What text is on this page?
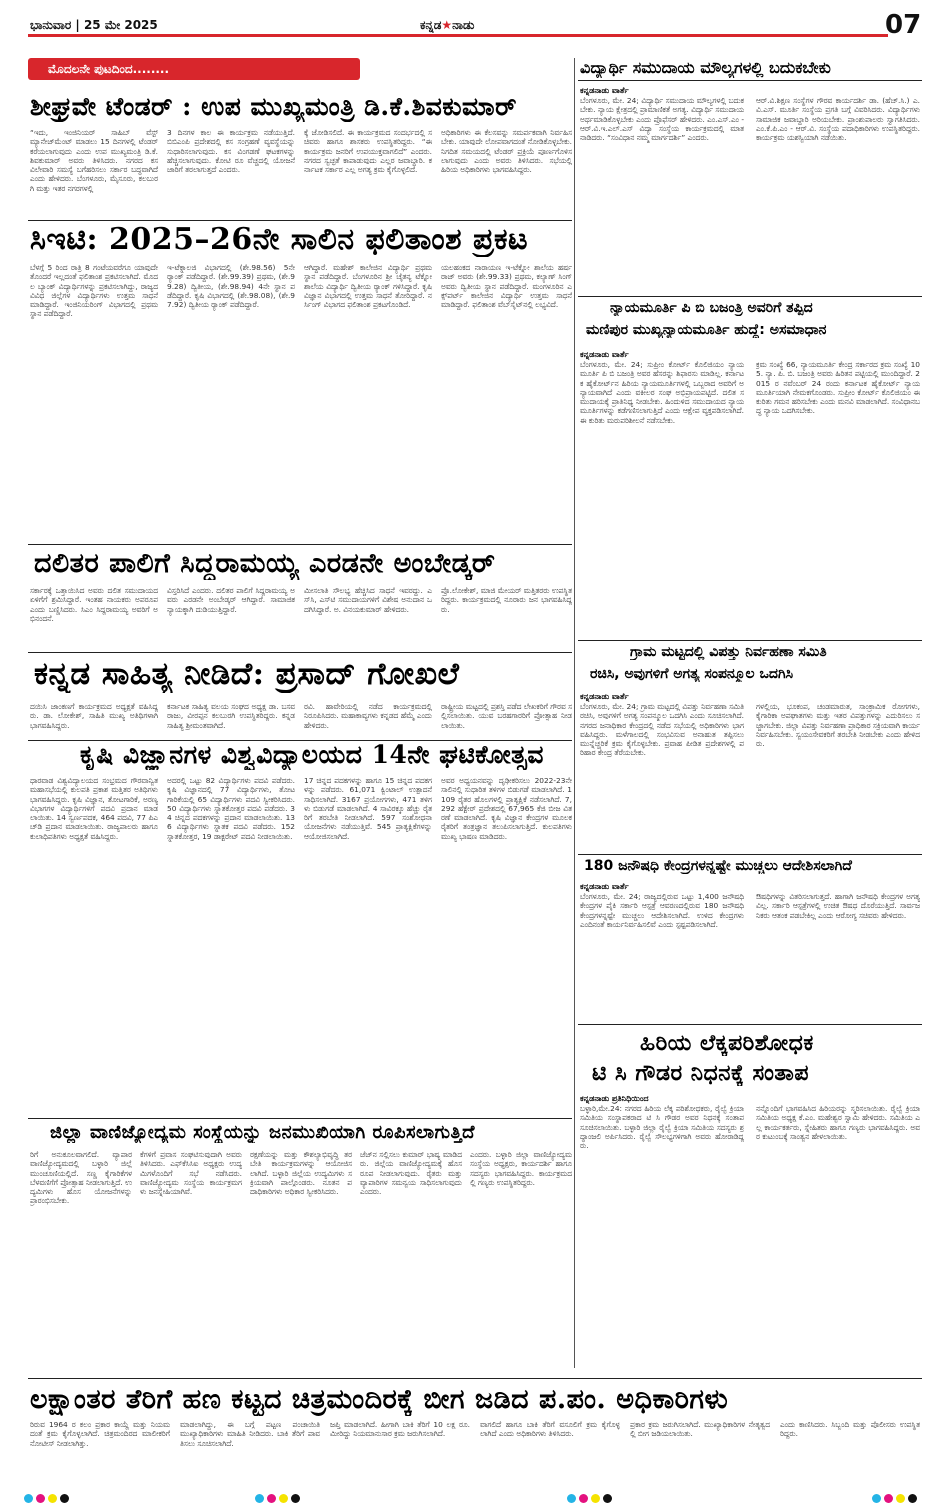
ಭಾನುವಾರ | 25 ಮೇ 2025	ಕನ್ನಡ★ನಾಡು	07
ಮೊದಲನೇ ಪುಟದಿಂದ........
ಶೀಘ್ರವೇ ಟೆಂಡರ್ : ಉಪ ಮುಖ್ಯಮಂತ್ರಿ ಡಿ.ಕೆ.ಶಿವಕುಮಾರ್
“ಇದು, ಇಂಜಿನಿಯರ್ ಸಾಹಿಬ್ ವೆಸ್ಟ್ ಮ್ಯಾನೇಜ್‌ಮೆಂಟ್ ಮಾಡಲು 15 ದಿನಗಳಲ್ಲಿ ಟೆಂಡರ್ ಕರೆಯಲಾಗುವುದು ಎಂದು ಉಪ ಮುಖ್ಯಮಂತ್ರಿ ಡಿ.ಕೆ.ಶಿವಕುಮಾರ್ ಅವರು ತಿಳಿಸಿದರು. ನಗರದ ಕಸ ವಿಲೇವಾರಿ ಸಮಸ್ಯೆ ಬಗೆಹರಿಸಲು ಸರ್ಕಾರ ಬದ್ಧವಾಗಿದೆ ಎಂದು ಹೇಳಿದರು. ಬೆಂಗಳೂರು, ಮೈಸೂರು, ಕಲಬುರಗಿ ಮತ್ತು ಇತರ ನಗರಗಳಲ್ಲಿ
3 ದಿನಗಳ ಕಾಲ ಈ ಕಾರ್ಯಕ್ರಮ ನಡೆಯುತ್ತಿದೆ. ಬಿಬಿಎಂಪಿ ಪ್ರದೇಶದಲ್ಲಿ ಕಸ ಸಂಗ್ರಹಣೆ ವ್ಯವಸ್ಥೆಯನ್ನು ಸುಧಾರಿಸಲಾಗುವುದು. ಕಸ ವಿಂಗಡಣೆ ಘಟಕಗಳನ್ನು ಹೆಚ್ಚಿಸಲಾಗುವುದು. ಕೋಟಿ ರೂ ವೆಚ್ಚದಲ್ಲಿ ಯೋಜನೆ ಜಾರಿಗೆ ತರಲಾಗುತ್ತದೆ ಎಂದರು.
ಕ್ಕೆ ಜೋಡಿಸಲಿದೆ. ಈ ಕಾರ್ಯಕ್ರಮದ ಸಂದರ್ಭದಲ್ಲಿ ಸಚಿವರು ಹಾಗೂ ಶಾಸಕರು ಉಪಸ್ಥಿತರಿದ್ದರು. “ಈ ಕಾರ್ಯಕ್ರಮ ಜನರಿಗೆ ಉಪಯುಕ್ತವಾಗಲಿದೆ” ಎಂದರು. ನಗರದ ಸ್ವಚ್ಛತೆ ಕಾಪಾಡುವುದು ಎಲ್ಲರ ಜವಾಬ್ದಾರಿ. ಕರ್ನಾಟಕ ಸರ್ಕಾರ ಎಲ್ಲ ಅಗತ್ಯ ಕ್ರಮ ಕೈಗೊಳ್ಳಲಿದೆ.
ಅಧಿಕಾರಿಗಳು ಈ ಕೆಲಸವನ್ನು ಸಮರ್ಪಕವಾಗಿ ನಿರ್ವಹಿಸಬೇಕು. ಯಾವುದೇ ಲೋಪವಾಗದಂತೆ ನೋಡಿಕೊಳ್ಳಬೇಕು. ನಿಗದಿತ ಸಮಯದಲ್ಲಿ ಟೆಂಡರ್ ಪ್ರಕ್ರಿಯೆ ಪೂರ್ಣಗೊಳಿಸಲಾಗುವುದು ಎಂದು ಅವರು ತಿಳಿಸಿದರು. ಸಭೆಯಲ್ಲಿ ಹಿರಿಯ ಅಧಿಕಾರಿಗಳು ಭಾಗವಹಿಸಿದ್ದರು.
ಸಿಇಟಿ: 2025–26ನೇ ಸಾಲಿನ ಫಲಿತಾಂಶ ಪ್ರಕಟ
ಬೆಳಗ್ಗೆ 5 ರಿಂದ ರಾತ್ರಿ 8 ಗಂಟೆಯವರೆಗೂ ಯಾವುದೇ ತೊಂದರೆ ಇಲ್ಲದಂತೆ ಫಲಿತಾಂಶ ಪ್ರಕಟಿಸಲಾಗಿದೆ. ಮೊದಲ ಬ್ಯಾಂಕ್ ವಿದ್ಯಾರ್ಥಿಗಳನ್ನು ಪ್ರಕಟಿಸಲಾಗಿದ್ದು, ರಾಜ್ಯದ ವಿವಿಧ ಜಿಲ್ಲೆಗಳ ವಿದ್ಯಾರ್ಥಿಗಳು ಉತ್ತಮ ಸಾಧನೆ ಮಾಡಿದ್ದಾರೆ. ಇಂಜಿನಿಯರಿಂಗ್ ವಿಭಾಗದಲ್ಲಿ ಪ್ರಥಮ ಸ್ಥಾನ ಪಡೆದಿದ್ದಾರೆ.
ಇ-ಟೆಕ್ನಾಲಜಿ ವಿಭಾಗದಲ್ಲಿ (ಶೇ.98.56) 5ನೇ ರ‍್ಯಾಂಕ್ ಪಡೆದಿದ್ದಾರೆ. (ಶೇ.99.39) ಪ್ರಥಮ, (ಶೇ.99.28) ದ್ವಿತೀಯ, (ಶೇ.98.94) 4ನೇ ಸ್ಥಾನ ಪಡೆದಿದ್ದಾರೆ. ಕೃಷಿ ವಿಭಾಗದಲ್ಲಿ (ಶೇ.98.08), (ಶೇ.97.92) ದ್ವಿತೀಯ ರ‍್ಯಾಂಕ್ ಪಡೆದಿದ್ದಾರೆ.
ಆಗಿದ್ದಾರೆ. ಮಹೇಶ್ ಕಾಲೇಜಿನ ವಿದ್ಯಾರ್ಥಿ ಪ್ರಥಮ ಸ್ಥಾನ ಪಡೆದಿದ್ದಾರೆ. ಬೆಂಗಳೂರಿನ ಶ್ರೀ ಚೈತನ್ಯ ಟೆಕ್ನೋ ಶಾಲೆಯ ವಿದ್ಯಾರ್ಥಿ ದ್ವಿತೀಯ ರ‍್ಯಾಂಕ್ ಗಳಿಸಿದ್ದಾರೆ. ಕೃಷಿ ವಿಜ್ಞಾನ ವಿಭಾಗದಲ್ಲಿ ಉತ್ತಮ ಸಾಧನೆ ತೋರಿದ್ದಾರೆ. ನರ್ಸಿಂಗ್ ವಿಭಾಗದ ಫಲಿತಾಂಶ ಪ್ರಕಟಗೊಂಡಿದೆ.
ಯಲಹಂಕದ ನಾರಾಯಣ ಇ-ಟೆಕ್ನೋ ಶಾಲೆಯ ಹರ್ಷ ರಾಜ್ ಅವರು (ಶೇ.99.33) ಪ್ರಥಮ, ಕಲ್ಯಾಣ್ ಸಿಂಗ್ ಅವರು ದ್ವಿತೀಯ ಸ್ಥಾನ ಪಡೆದಿದ್ದಾರೆ. ಮಂಗಳೂರಿನ ಎಕ್ಸ್‌ಪರ್ಟ್ ಕಾಲೇಜಿನ ವಿದ್ಯಾರ್ಥಿ ಉತ್ತಮ ಸಾಧನೆ ಮಾಡಿದ್ದಾರೆ. ಫಲಿತಾಂಶ ವೆಬ್‌ಸೈಟ್‌ನಲ್ಲಿ ಲಭ್ಯವಿದೆ.
ದಲಿತರ ಪಾಲಿಗೆ ಸಿದ್ದರಾಮಯ್ಯ ಎರಡನೇ ಅಂಬೇಡ್ಕರ್
ಸರ್ಕಾರಕ್ಕೆ ಒತ್ತಾಯಿಸಿದ ಅವರು ದಲಿತ ಸಮುದಾಯದ ಏಳಿಗೆಗೆ ಶ್ರಮಿಸಿದ್ದಾರೆ. ಇಂತಹ ನಾಯಕರು ಅಪರೂಪ ಎಂದು ಬಣ್ಣಿಸಿದರು. ಸಿಎಂ ಸಿದ್ದರಾಮಯ್ಯ ಅವರಿಗೆ ಅಭಿನಂದನೆ.
ವಿಸ್ತರಿಸಿದೆ ಎಂದರು. ದಲಿತರ ಪಾಲಿಗೆ ಸಿದ್ದರಾಮಯ್ಯ ಅವರು ಎರಡನೇ ಅಂಬೇಡ್ಕರ್ ಆಗಿದ್ದಾರೆ. ಸಾಮಾಜಿಕ ನ್ಯಾಯಕ್ಕಾಗಿ ದುಡಿಯುತ್ತಿದ್ದಾರೆ.
ಮೀಸಲಾತಿ ಸೌಲಭ್ಯ ಹೆಚ್ಚಿಸಿದ ಸಾಧನೆ ಇವರದ್ದು. ಎಸ್‌ಸಿ, ಎಸ್‌ಟಿ ಸಮುದಾಯಗಳಿಗೆ ವಿಶೇಷ ಅನುದಾನ ಒದಗಿಸಿದ್ದಾರೆ. ಅ. ವಿನಯಕುಮಾರ್ ಹೇಳಿದರು.
ಪ್ರೊ.ಲೋಕೇಶ್, ಮಾಜಿ ಮೇಯರ್ ಮತ್ತಿತರರು ಉಪಸ್ಥಿತರಿದ್ದರು. ಕಾರ್ಯಕ್ರಮದಲ್ಲಿ ನೂರಾರು ಜನ ಭಾಗವಹಿಸಿದ್ದರು.
ಕನ್ನಡ ಸಾಹಿತ್ಯ ನೀಡಿದೆ: ಪ್ರಸಾದ್ ಗೋಖಲೆ
ದಯಿಸಿ ಜಾಂಕಣಗೆ ಕಾರ್ಯಕ್ರಮದ ಅಧ್ಯಕ್ಷತೆ ವಹಿಸಿದ್ದರು. ಡಾ. ಲೋಕೇಶ್, ಸಾಹಿತಿ ಮುಖ್ಯ ಅತಿಥಿಗಳಾಗಿ ಭಾಗವಹಿಸಿದ್ದರು.
ಕರ್ನಾಟಕ ಸಾಹಿತ್ಯ ವಲಯ ಸಂಘದ ಅಧ್ಯಕ್ಷ ಡಾ. ಬಸವರಾಜು, ವೀರಪ್ಪನ ಕಲಬುರಗಿ ಉಪಸ್ಥಿತರಿದ್ದರು. ಕನ್ನಡ ಸಾಹಿತ್ಯ ಶ್ರೀಮಂತವಾಗಿದೆ.
ರವಿ. ಹಾವೇರಿಯಲ್ಲಿ ನಡೆದ ಕಾರ್ಯಕ್ರಮದಲ್ಲಿ ನಿರೂಪಿಸಿದರು. ಮಹಾಕಾವ್ಯಗಳು ಕನ್ನಡದ ಹೆಮ್ಮೆ ಎಂದು ಹೇಳಿದರು.
ರಾಷ್ಟ್ರೀಯ ಮಟ್ಟದಲ್ಲಿ ಪ್ರಶಸ್ತಿ ಪಡೆದ ಲೇಖಕರಿಗೆ ಗೌರವ ಸಲ್ಲಿಸಲಾಯಿತು. ಯುವ ಬರಹಗಾರರಿಗೆ ಪ್ರೋತ್ಸಾಹ ನೀಡಲಾಯಿತು.
ಕೃಷಿ ವಿಜ್ಞಾನಗಳ ವಿಶ್ವವಿದ್ಯಾಲಯದ 14ನೇ ಘಟಿಕೋತ್ಸವ
ಧಾರವಾಡ ವಿಶ್ವವಿದ್ಯಾಲಯದ ಸಂಭ್ರಮದ ಗೌರವಾನ್ವಿತ ಮಹಾಸಭೆಯಲ್ಲಿ ಕುಲಪತಿ ಪ್ರಕಾಶ ಮತ್ತಿತರ ಅತಿಥಿಗಳು ಭಾಗವಹಿಸಿದ್ದರು. ಕೃಷಿ ವಿಜ್ಞಾನ, ತೋಟಗಾರಿಕೆ, ಅರಣ್ಯ ವಿಭಾಗಗಳ ವಿದ್ಯಾರ್ಥಿಗಳಿಗೆ ಪದವಿ ಪ್ರದಾನ ಮಾಡಲಾಯಿತು. 14 ಸ್ವರ್ಣಪದಕ, 464 ಪದವಿ, 77 ಪಿಎಚ್‌ಡಿ ಪ್ರದಾನ ಮಾಡಲಾಯಿತು. ರಾಜ್ಯಪಾಲರು ಹಾಗೂ ಕುಲಾಧಿಪತಿಗಳು ಅಧ್ಯಕ್ಷತೆ ವಹಿಸಿದ್ದರು.
ಅದರಲ್ಲಿ ಒಟ್ಟು 82 ವಿದ್ಯಾರ್ಥಿಗಳು ಪದವಿ ಪಡೆದರು. ಕೃಷಿ ವಿಜ್ಞಾನದಲ್ಲಿ 77 ವಿದ್ಯಾರ್ಥಿಗಳು, ತೋಟಗಾರಿಕೆಯಲ್ಲಿ 65 ವಿದ್ಯಾರ್ಥಿಗಳು ಪದವಿ ಸ್ವೀಕರಿಸಿದರು. 50 ವಿದ್ಯಾರ್ಥಿಗಳು ಸ್ನಾತಕೋತ್ತರ ಪದವಿ ಪಡೆದರು. 34 ಚಿನ್ನದ ಪದಕಗಳನ್ನು ಪ್ರದಾನ ಮಾಡಲಾಯಿತು. 136 ವಿದ್ಯಾರ್ಥಿಗಳು ಸ್ನಾತಕ ಪದವಿ ಪಡೆದರು. 152 ಸ್ನಾತಕೋತ್ತರ, 19 ಡಾಕ್ಟರೇಟ್ ಪದವಿ ನೀಡಲಾಯಿತು.
17 ಚಿನ್ನದ ಪದಕಗಳನ್ನು ಹಾಗೂ 15 ಚಿನ್ನದ ಪದಕಗಳನ್ನು ಪಡೆದರು. 61,071 ಕ್ವಿಂಟಾಲ್ ಉತ್ಪಾದನೆ ಸಾಧಿಸಲಾಗಿದೆ. 3167 ಪ್ರಯೋಗಗಳು, 471 ತಳಿಗಳು ಬಿಡುಗಡೆ ಮಾಡಲಾಗಿದೆ. 4 ಸಾವಿರಕ್ಕೂ ಹೆಚ್ಚು ರೈತರಿಗೆ ತರಬೇತಿ ನೀಡಲಾಗಿದೆ. 597 ಸಂಶೋಧನಾ ಯೋಜನೆಗಳು ನಡೆಯುತ್ತಿವೆ. 545 ಪ್ರಾತ್ಯಕ್ಷಿಕೆಗಳನ್ನು ಆಯೋಜಿಸಲಾಗಿದೆ.
ಅವರ ಅಧ್ಯಯನವನ್ನು ದೃಢೀಕರಿಸಲು 2022-23ನೇ ಸಾಲಿನಲ್ಲಿ ಸುಧಾರಿತ ತಳಿಗಳ ಬಿಡುಗಡೆ ಮಾಡಲಾಗಿದೆ. 1109 ರೈತರ ಹೊಲಗಳಲ್ಲಿ ಪ್ರಾತ್ಯಕ್ಷಿಕೆ ನಡೆಸಲಾಗಿದೆ. 7,292 ಹೆಕ್ಟೇರ್ ಪ್ರದೇಶದಲ್ಲಿ 67,965 ಕೆಜಿ ಬೀಜ ವಿತರಣೆ ಮಾಡಲಾಗಿದೆ. ಕೃಷಿ ವಿಜ್ಞಾನ ಕೇಂದ್ರಗಳ ಮೂಲಕ ರೈತರಿಗೆ ತಂತ್ರಜ್ಞಾನ ತಲುಪಿಸಲಾಗುತ್ತಿದೆ. ಕುಲಪತಿಗಳು ಮುಖ್ಯ ಭಾಷಣ ಮಾಡಿದರು.
ಜಿಲ್ಲಾ ವಾಣಿಜ್ಯೋದ್ಯಮ ಸಂಸ್ಥೆಯನ್ನು ಜನಮುಖಿಯಾಗಿ ರೂಪಿಸಲಾಗುತ್ತಿದೆ
ರಿಗೆ ಅನುಕೂಲವಾಗಲಿದೆ. ವ್ಯಾಪಾರ ವಾಣಿಜ್ಯೋದ್ಯಮದಲ್ಲಿ ಬಳ್ಳಾರಿ ಜಿಲ್ಲೆ ಮುಂಚೂಣಿಯಲ್ಲಿದೆ. ಸಣ್ಣ ಕೈಗಾರಿಕೆಗಳ ಬೆಳವಣಿಗೆಗೆ ಪ್ರೋತ್ಸಾಹ ನೀಡಲಾಗುತ್ತಿದೆ. ಉದ್ಯಮಿಗಳು ಹೊಸ ಯೋಜನೆಗಳನ್ನು ಪ್ರಾರಂಭಿಸಬೇಕು.
ಕೆಗಳಿಗೆ ಪ್ರವಾಸ ಸಂಘಟಿಸುವುದಾಗಿ ಅವರು ತಿಳಿಸಿದರು. ಎಫ್‌ಕೆಸಿಸಿಐ ಅಧ್ಯಕ್ಷರು ಉದ್ಯಮಿಗಳೊಂದಿಗೆ ಸಭೆ ನಡೆಸಿದರು. ವಾಣಿಜ್ಯೋದ್ಯಮ ಸಂಸ್ಥೆಯ ಕಾರ್ಯಕ್ರಮಗಳು ಜನಸ್ನೇಹಿಯಾಗಿವೆ.
ರಕ್ಷಣೆಯನ್ನು ಮತ್ತು ಕೌಶಲ್ಯಾಭಿವೃದ್ಧಿ ತರಬೇತಿ ಕಾರ್ಯಕ್ರಮಗಳನ್ನು ಆಯೋಜಿಸಲಾಗಿದೆ. ಬಳ್ಳಾರಿ ಜಿಲ್ಲೆಯ ಉದ್ಯಮಿಗಳು ಸಕ್ರಿಯವಾಗಿ ಪಾಲ್ಗೊಂಡರು. ನೂತನ ಪದಾಧಿಕಾರಿಗಳು ಅಧಿಕಾರ ಸ್ವೀಕರಿಸಿದರು.
ಜೆಜ್‌ನ ಸಲ್ಲಿಸಲು ಕುಮಾರ್ ಭಾಷ್ಯ ಮಾಡಿದರು. ಜಿಲ್ಲೆಯ ವಾಣಿಜ್ಯೋದ್ಯಮಕ್ಕೆ ಹೊಸ ರೂಪ ನೀಡಲಾಗುವುದು. ರೈತರು ಮತ್ತು ವ್ಯಾಪಾರಿಗಳ ಸಮನ್ವಯ ಸಾಧಿಸಲಾಗುವುದು ಎಂದರು.
ಎಂದರು. ಬಳ್ಳಾರಿ ಜಿಲ್ಲಾ ವಾಣಿಜ್ಯೋದ್ಯಮ ಸಂಸ್ಥೆಯ ಅಧ್ಯಕ್ಷರು, ಕಾರ್ಯದರ್ಶಿ ಹಾಗೂ ಸದಸ್ಯರು ಭಾಗವಹಿಸಿದ್ದರು. ಕಾರ್ಯಕ್ರಮದಲ್ಲಿ ಗಣ್ಯರು ಉಪಸ್ಥಿತರಿದ್ದರು.
ವಿದ್ಯಾರ್ಥಿ ಸಮುದಾಯ ಮೌಲ್ಯಗಳಲ್ಲಿ ಬದುಕಬೇಕು
ಕನ್ನಡನಾಡು ವಾರ್ತೆ
ಬೆಂಗಳೂರು, ಮೇ. 24; ವಿದ್ಯಾರ್ಥಿ ಸಮುದಾಯ ಮೌಲ್ಯಗಳಲ್ಲಿ ಬದುಕಬೇಕು. ನ್ಯಾಯ ಕ್ಷೇತ್ರದಲ್ಲಿ ಪ್ರಾಮಾಣಿಕತೆ ಅಗತ್ಯ. ವಿದ್ಯಾರ್ಥಿ ಸಮುದಾಯ ಅರ್ಥಮಾಡಿಕೊಳ್ಳಬೇಕು ಎಂದು ಪ್ರೊಫೆಸರ್ ಹೇಳಿದರು. ಎಂ.ಎಸ್.ಎಂ - ಆರ್.ವಿ.ಇ.ಎಲ್.ಎಸ್ ವಿದ್ಯಾ ಸಂಸ್ಥೆಯ ಕಾರ್ಯಕ್ರಮದಲ್ಲಿ ಮಾತನಾಡಿದರು. “ಸಂವಿಧಾನ ನಮ್ಮ ಮಾರ್ಗದರ್ಶಿ” ಎಂದರು.
ಆರ್.ವಿ.ಶಿಕ್ಷಣ ಸಂಸ್ಥೆಗಳ ಗೌರವ ಕಾರ್ಯದರ್ಶಿ ಡಾ. (ಹೆಚ್.ಸಿ.) ಎ.ವಿ.ಎಸ್. ಮೂರ್ತಿ ಸಂಸ್ಥೆಯ ಪ್ರಗತಿ ಬಗ್ಗೆ ವಿವರಿಸಿದರು. ವಿದ್ಯಾರ್ಥಿಗಳು ಸಾಮಾಜಿಕ ಜವಾಬ್ದಾರಿ ಅರಿಯಬೇಕು. ಪ್ರಾಂಶುಪಾಲರು ಸ್ವಾಗತಿಸಿದರು. ಎಂ.ಕೆ.ಪಿ.ಎಂ - ಆರ್.ವಿ. ಸಂಸ್ಥೆಯ ಪದಾಧಿಕಾರಿಗಳು ಉಪಸ್ಥಿತರಿದ್ದರು. ಕಾರ್ಯಕ್ರಮ ಯಶಸ್ವಿಯಾಗಿ ನಡೆಯಿತು.
ನ್ಯಾಯಮೂರ್ತಿ ಪಿ ಬಿ ಬಜಂತ್ರಿ ಅವರಿಗೆ ತಪ್ಪಿದ
ಮಣಿಪುರ ಮುಖ್ಯನ್ಯಾಯಮೂರ್ತಿ ಹುದ್ದೆ: ಅಸಮಾಧಾನ
ಕನ್ನಡನಾಡು ವಾರ್ತೆ
ಬೆಂಗಳೂರು, ಮೇ. 24; ಸುಪ್ರೀಂ ಕೋರ್ಟ್ ಕೊಲಿಜಿಯಂ ನ್ಯಾಯಮೂರ್ತಿ ಪಿ ಬಿ ಬಜಂತ್ರಿ ಅವರ ಹೆಸರನ್ನು ಶಿಫಾರಸು ಮಾಡಿಲ್ಲ. ಕರ್ನಾಟಕ ಹೈಕೋರ್ಟ್‌ನ ಹಿರಿಯ ನ್ಯಾಯಮೂರ್ತಿಗಳಲ್ಲಿ ಒಬ್ಬರಾದ ಅವರಿಗೆ ಅನ್ಯಾಯವಾಗಿದೆ ಎಂದು ವಕೀಲರ ಸಂಘ ಅಭಿಪ್ರಾಯಪಟ್ಟಿದೆ. ದಲಿತ ಸಮುದಾಯಕ್ಕೆ ಪ್ರಾತಿನಿಧ್ಯ ನೀಡಬೇಕು. ಹಿಂದುಳಿದ ಸಮುದಾಯದ ನ್ಯಾಯಮೂರ್ತಿಗಳನ್ನು ಕಡೆಗಣಿಸಲಾಗುತ್ತಿದೆ ಎಂದು ಆಕ್ಷೇಪ ವ್ಯಕ್ತಪಡಿಸಲಾಗಿದೆ. ಈ ಕುರಿತು ಮರುಪರಿಶೀಲನೆ ನಡೆಸಬೇಕು.
ಕ್ರಮ ಸಂಖ್ಯೆ 66, ನ್ಯಾಯಮೂರ್ತಿ ಕೇಂದ್ರ ಸರ್ಕಾರದ ಕ್ರಮ ಸಂಖ್ಯೆ 105. ನ್ಯಾ. ಪಿ. ಬಿ. ಬಜಂತ್ರಿ ಅವರು ಹಿರಿತನ ಪಟ್ಟಿಯಲ್ಲಿ ಮುಂದಿದ್ದಾರೆ. 2015 ರ ನವೆಂಬರ್ 24 ರಂದು ಕರ್ನಾಟಕ ಹೈಕೋರ್ಟ್ ನ್ಯಾಯಮೂರ್ತಿಯಾಗಿ ನೇಮಕಗೊಂಡರು. ಸುಪ್ರೀಂ ಕೋರ್ಟ್ ಕೊಲಿಜಿಯಂ ಈ ಕುರಿತು ಗಮನ ಹರಿಸಬೇಕು ಎಂದು ಮನವಿ ಮಾಡಲಾಗಿದೆ. ಸಂವಿಧಾನಬದ್ಧ ನ್ಯಾಯ ಒದಗಿಸಬೇಕು.
ಗ್ರಾಮ ಮಟ್ಟದಲ್ಲಿ ವಿಪತ್ತು ನಿರ್ವಹಣಾ ಸಮಿತಿ
ರಚಿಸಿ, ಅವುಗಳಿಗೆ ಅಗತ್ಯ ಸಂಪನ್ಮೂಲ ಒದಗಿಸಿ
ಕನ್ನಡನಾಡು ವಾರ್ತೆ
ಬೆಂಗಳೂರು, ಮೇ. 24; ಗ್ರಾಮ ಮಟ್ಟದಲ್ಲಿ ವಿಪತ್ತು ನಿರ್ವಹಣಾ ಸಮಿತಿ ರಚಿಸಿ, ಅವುಗಳಿಗೆ ಅಗತ್ಯ ಸಂಪನ್ಮೂಲ ಒದಗಿಸಿ ಎಂದು ಸೂಚಿಸಲಾಗಿದೆ. ನಗರದ ಜನಾಧಿಕಾರ ಕೇಂದ್ರದಲ್ಲಿ ನಡೆದ ಸಭೆಯಲ್ಲಿ ಅಧಿಕಾರಿಗಳು ಭಾಗವಹಿಸಿದ್ದರು. ಮಳೆಗಾಲದಲ್ಲಿ ಸಂಭವಿಸುವ ಅನಾಹುತ ತಪ್ಪಿಸಲು ಮುನ್ನೆಚ್ಚರಿಕೆ ಕ್ರಮ ಕೈಗೊಳ್ಳಬೇಕು. ಪ್ರವಾಹ ಪೀಡಿತ ಪ್ರದೇಶಗಳಲ್ಲಿ ಪರಿಹಾರ ಕೇಂದ್ರ ತೆರೆಯಬೇಕು.
ಗಳಲ್ಲಿಯ, ಭೂಕಂಪ, ಚಂಡಮಾರುತ, ಸಾಂಕ್ರಾಮಿಕ ರೋಗಗಳು, ಕೈಗಾರಿಕಾ ಅಪಘಾತಗಳು ಮತ್ತು ಇತರ ವಿಪತ್ತುಗಳನ್ನು ಎದುರಿಸಲು ಸಜ್ಜಾಗಬೇಕು. ಜಿಲ್ಲಾ ವಿಪತ್ತು ನಿರ್ವಹಣಾ ಪ್ರಾಧಿಕಾರ ಸಕ್ರಿಯವಾಗಿ ಕಾರ್ಯನಿರ್ವಹಿಸಬೇಕು. ಸ್ವಯಂಸೇವಕರಿಗೆ ತರಬೇತಿ ನೀಡಬೇಕು ಎಂದು ಹೇಳಿದರು.
180 ಜನೌಷಧಿ ಕೇಂದ್ರಗಳನ್ನಷ್ಟೇ ಮುಚ್ಚಲು ಆದೇಶಿಸಲಾಗಿದೆ
ಕನ್ನಡನಾಡು ವಾರ್ತೆ
ಬೆಂಗಳೂರು, ಮೇ. 24; ರಾಜ್ಯದಲ್ಲಿರುವ ಒಟ್ಟು 1,400 ಜನೌಷಧಿ ಕೇಂದ್ರಗಳ ಪೈಕಿ ಸರ್ಕಾರಿ ಆಸ್ಪತ್ರೆ ಆವರಣದಲ್ಲಿರುವ 180 ಜನೌಷಧಿ ಕೇಂದ್ರಗಳನ್ನಷ್ಟೇ ಮುಚ್ಚಲು ಆದೇಶಿಸಲಾಗಿದೆ. ಉಳಿದ ಕೇಂದ್ರಗಳು ಎಂದಿನಂತೆ ಕಾರ್ಯನಿರ್ವಹಿಸಲಿವೆ ಎಂದು ಸ್ಪಷ್ಟಪಡಿಸಲಾಗಿದೆ.
ಔಷಧಿಗಳನ್ನು ವಿತರಿಸಲಾಗುತ್ತದೆ. ಹಾಗಾಗಿ ಜನೌಷಧಿ ಕೇಂದ್ರಗಳ ಅಗತ್ಯವಿಲ್ಲ. ಸರ್ಕಾರಿ ಆಸ್ಪತ್ರೆಗಳಲ್ಲಿ ಉಚಿತ ಔಷಧ ದೊರೆಯುತ್ತಿದೆ. ಸಾರ್ವಜನಿಕರು ಆತಂಕ ಪಡಬೇಕಿಲ್ಲ ಎಂದು ಆರೋಗ್ಯ ಸಚಿವರು ಹೇಳಿದರು.
ಹಿರಿಯ ಲೆಕ್ಕಪರಿಶೋಧಕ
ಟಿ ಸಿ ಗೌಡರ ನಿಧನಕ್ಕೆ ಸಂತಾಪ
ಕನ್ನಡನಾಡು ಪ್ರತಿನಿಧಿಯಿಂದ
ಬಳ್ಳಾರಿ,ಮೇ.24: ನಗರದ ಹಿರಿಯ ಲೆಕ್ಕ ಪರಿಶೋಧಕರು, ರೈಲ್ವೆ ಕ್ರಿಯಾ ಸಮಿತಿಯ ಸಂಸ್ಥಾಪಕರಾದ ಟಿ ಸಿ ಗೌಡರ ಅವರ ನಿಧನಕ್ಕೆ ಸಂತಾಪ ಸೂಚಿಸಲಾಯಿತು. ಬಳ್ಳಾರಿ ಜಿಲ್ಲಾ ರೈಲ್ವೆ ಕ್ರಿಯಾ ಸಮಿತಿಯ ಸದಸ್ಯರು ಶ್ರದ್ಧಾಂಜಲಿ ಅರ್ಪಿಸಿದರು. ರೈಲ್ವೆ ಸೌಲಭ್ಯಗಳಿಗಾಗಿ ಅವರು ಹೋರಾಡಿದ್ದರು.
ನನ್ನೊಂದಿಗೆ ಭಾಗವಹಿಸಿದ ಹಿರಿಯರನ್ನು ಸ್ಮರಿಸಲಾಯಿತು. ರೈಲ್ವೆ ಕ್ರಿಯಾ ಸಮಿತಿಯ ಅಧ್ಯಕ್ಷ ಕೆ.ಎಂ. ಮಹೇಶ್ವರ ಸ್ವಾಮಿ ಹೇಳಿದರು. ಸಮಿತಿಯ ಎಲ್ಲ ಕಾರ್ಯಕರ್ತರು, ಸ್ನೇಹಿತರು ಹಾಗೂ ಗಣ್ಯರು ಭಾಗವಹಿಸಿದ್ದರು. ಅವರ ಕುಟುಂಬಕ್ಕೆ ಸಾಂತ್ವನ ಹೇಳಲಾಯಿತು.
ಲಕ್ಷಾಂತರ ತೆರಿಗೆ ಹಣ ಕಟ್ಟದ ಚಿತ್ರಮಂದಿರಕ್ಕೆ ಬೀಗ ಜಡಿದ ಪ.ಪಂ. ಅಧಿಕಾರಿಗಳು
ರಿರುವ 1964 ರ ಕಲಂ ಪ್ರಕಾರ ಕಾಯ್ದೆ ಮತ್ತು ನಿಯಮದಂತೆ ಕ್ರಮ ಕೈಗೊಳ್ಳಲಾಗಿದೆ. ಚಿತ್ರಮಂದಿರದ ಮಾಲೀಕರಿಗೆ ನೋಟೀಸ್ ನೀಡಲಾಗಿತ್ತು.
ಮಾಡಲಾಗಿದ್ದು, ಈ ಬಗ್ಗೆ ಪಟ್ಟಣ ಪಂಚಾಯಿತಿ ಮುಖ್ಯಾಧಿಕಾರಿಗಳು ಮಾಹಿತಿ ನೀಡಿದರು. ಬಾಕಿ ತೆರಿಗೆ ಪಾವತಿಸಲು ಸೂಚಿಸಲಾಗಿದೆ.
ಜಪ್ತಿ ಮಾಡಲಾಗಿದೆ. ಹೀಗಾಗಿ ಬಾಕಿ ತೆರಿಗೆ 10 ಲಕ್ಷ ರೂ. ಮೀರಿದ್ದು ನಿಯಮಾನುಸಾರ ಕ್ರಮ ಜರುಗಿಸಲಾಗಿದೆ.
ವಾಗಲಿದೆ ಹಾಗೂ ಬಾಕಿ ತೆರಿಗೆ ವಸೂಲಿಗೆ ಕ್ರಮ ಕೈಗೊಳ್ಳಲಾಗಿದೆ ಎಂದು ಅಧಿಕಾರಿಗಳು ತಿಳಿಸಿದರು.
ಪ್ರಕಾರ ಕ್ರಮ ಜರುಗಿಸಲಾಗಿದೆ. ಮುಖ್ಯಾಧಿಕಾರಿಗಳ ನೇತೃತ್ವದಲ್ಲಿ ಬೀಗ ಜಡಿಯಲಾಯಿತು.
ಎಂದು ಕಾಣಿಸಿದರು. ಸಿಬ್ಬಂದಿ ಮತ್ತು ಪೊಲೀಸರು ಉಪಸ್ಥಿತರಿದ್ದರು.
